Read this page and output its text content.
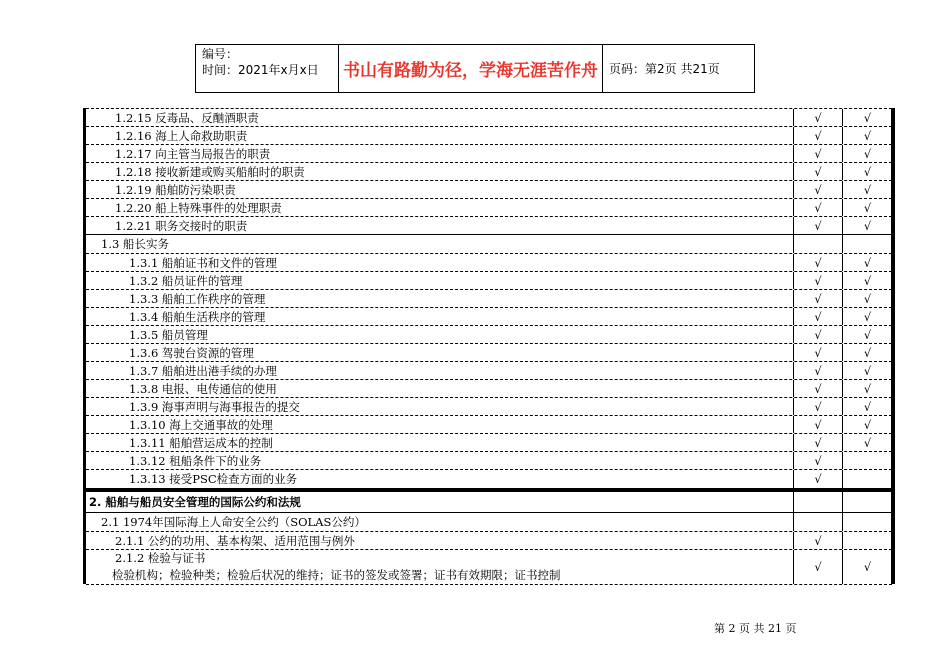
编号：
时间：2021年x月x日	书山有路勤为径，学海无涯苦作舟 页码：第2页 共21页
1.2.15 反毒品、反酗酒职责	√	√
1.2.16 海上人命救助职责	√	√
1.2.17 向主管当局报告的职责	√	√
1.2.18 接收新建或购买船舶时的职责	√	√
1.2.19 船舶防污染职责	√	√
1.2.20 船上特殊事件的处理职责	√	√
1.2.21 职务交接时的职责	√	√
1.3 船长实务
1.3.1 船舶证书和文件的管理	√	√
1.3.2 船员证件的管理	√	√
1.3.3 船舶工作秩序的管理	√	√
1.3.4 船舶生活秩序的管理	√	√
1.3.5 船员管理	√	√
1.3.6 驾驶台资源的管理	√	√
1.3.7 船舶进出港手续的办理	√	√
1.3.8 电报、电传通信的使用	√	√
1.3.9 海事声明与海事报告的提交	√	√
1.3.10 海上交通事故的处理	√	√
1.3.11 船舶营运成本的控制	√	√
1.3.12 租船条件下的业务	√
1.3.13 接受PSC检查方面的业务	√
2. 船舶与船员安全管理的国际公约和法规
2.1 1974年国际海上人命安全公约（SOLAS公约）
2.1.1 公约的功用、基本构架、适用范围与例外	√
2.1.2 检验与证书
检验机构；检验种类；检验后状况的维持；证书的签发或签署；证书有效期限；证书控制
√	√
第 2 页 共 21 页
